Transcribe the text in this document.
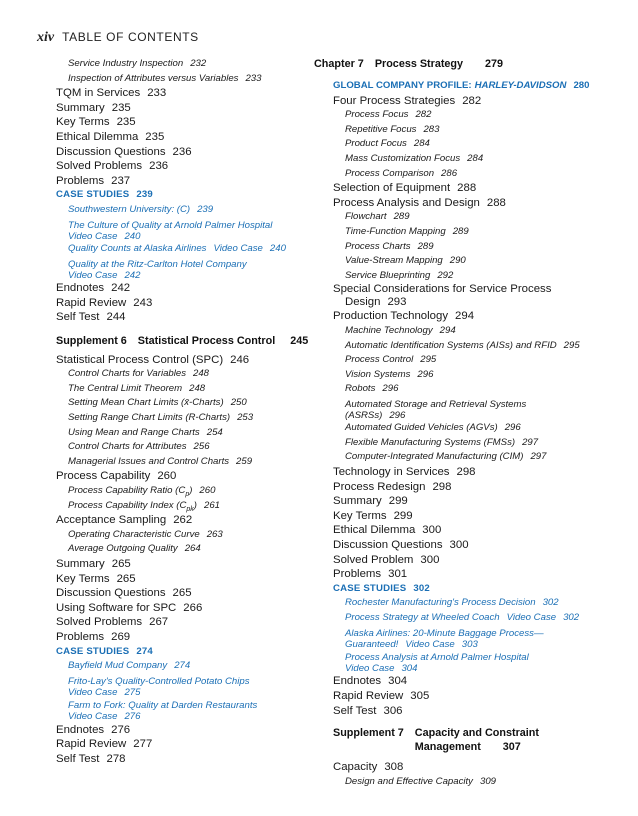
xiv TABLE OF CONTENTS
Service Industry Inspection 232
Inspection of Attributes versus Variables 233
TQM in Services 233
Summary 235
Key Terms 235
Ethical Dilemma 235
Discussion Questions 236
Solved Problems 236
Problems 237
CASE STUDIES 239
Southwestern University: (C) 239
The Culture of Quality at Arnold Palmer Hospital
Video Case 240
Quality Counts at Alaska Airlines Video Case 240
Quality at the Ritz-Carlton Hotel Company
Video Case 242
Endnotes 242
Rapid Review 243
Self Test 244
Supplement 6 Statistical Process Control 245
Statistical Process Control (SPC) 246
Control Charts for Variables 248
The Central Limit Theorem 248
Setting Mean Chart Limits (x̄-Charts) 250
Setting Range Chart Limits (R-Charts) 253
Using Mean and Range Charts 254
Control Charts for Attributes 256
Managerial Issues and Control Charts 259
Process Capability 260
Process Capability Ratio $(C_p)$ 260
Process Capability Index $(C_{pk})$ 261
Acceptance Sampling 262
Operating Characteristic Curve 263
Average Outgoing Quality 264
Summary 265
Key Terms 265
Discussion Questions 265
Using Software for SPC 266
Solved Problems 267
Problems 269
CASE STUDIES 274
Bayfield Mud Company 274
Frito-Lay's Quality-Controlled Potato Chips
Video Case 275
Farm to Fork: Quality at Darden Restaurants
Video Case 276
Endnotes 276
Rapid Review 277
Self Test 278
Chapter 7 Process Strategy 279
GLOBAL COMPANY PROFILE: HARLEY-DAVIDSON 280
Four Process Strategies 282
Process Focus 282
Repetitive Focus 283
Product Focus 284
Mass Customization Focus 284
Process Comparison 286
Selection of Equipment 288
Process Analysis and Design 288
Flowchart 289
Time-Function Mapping 289
Process Charts 289
Value-Stream Mapping 290
Service Blueprinting 292
Special Considerations for Service Process
Design 293
Production Technology 294
Machine Technology 294
Automatic Identification Systems (AISs) and RFID 295
Process Control 295
Vision Systems 296
Robots 296
Automated Storage and Retrieval Systems
(ASRSs) 296
Automated Guided Vehicles (AGVs) 296
Flexible Manufacturing Systems (FMSs) 297
Computer-Integrated Manufacturing (CIM) 297
Technology in Services 298
Process Redesign 298
Summary 299
Key Terms 299
Ethical Dilemma 300
Discussion Questions 300
Solved Problem 300
Problems 301
CASE STUDIES 302
Rochester Manufacturing's Process Decision 302
Process Strategy at Wheeled Coach Video Case 302
Alaska Airlines: 20-Minute Baggage Process—
Guaranteed! Video Case 303
Process Analysis at Arnold Palmer Hospital
Video Case 304
Endnotes 304
Rapid Review 305
Self Test 306
Supplement 7 Capacity and Constraint
Management 307
Capacity 308
Design and Effective Capacity 309
